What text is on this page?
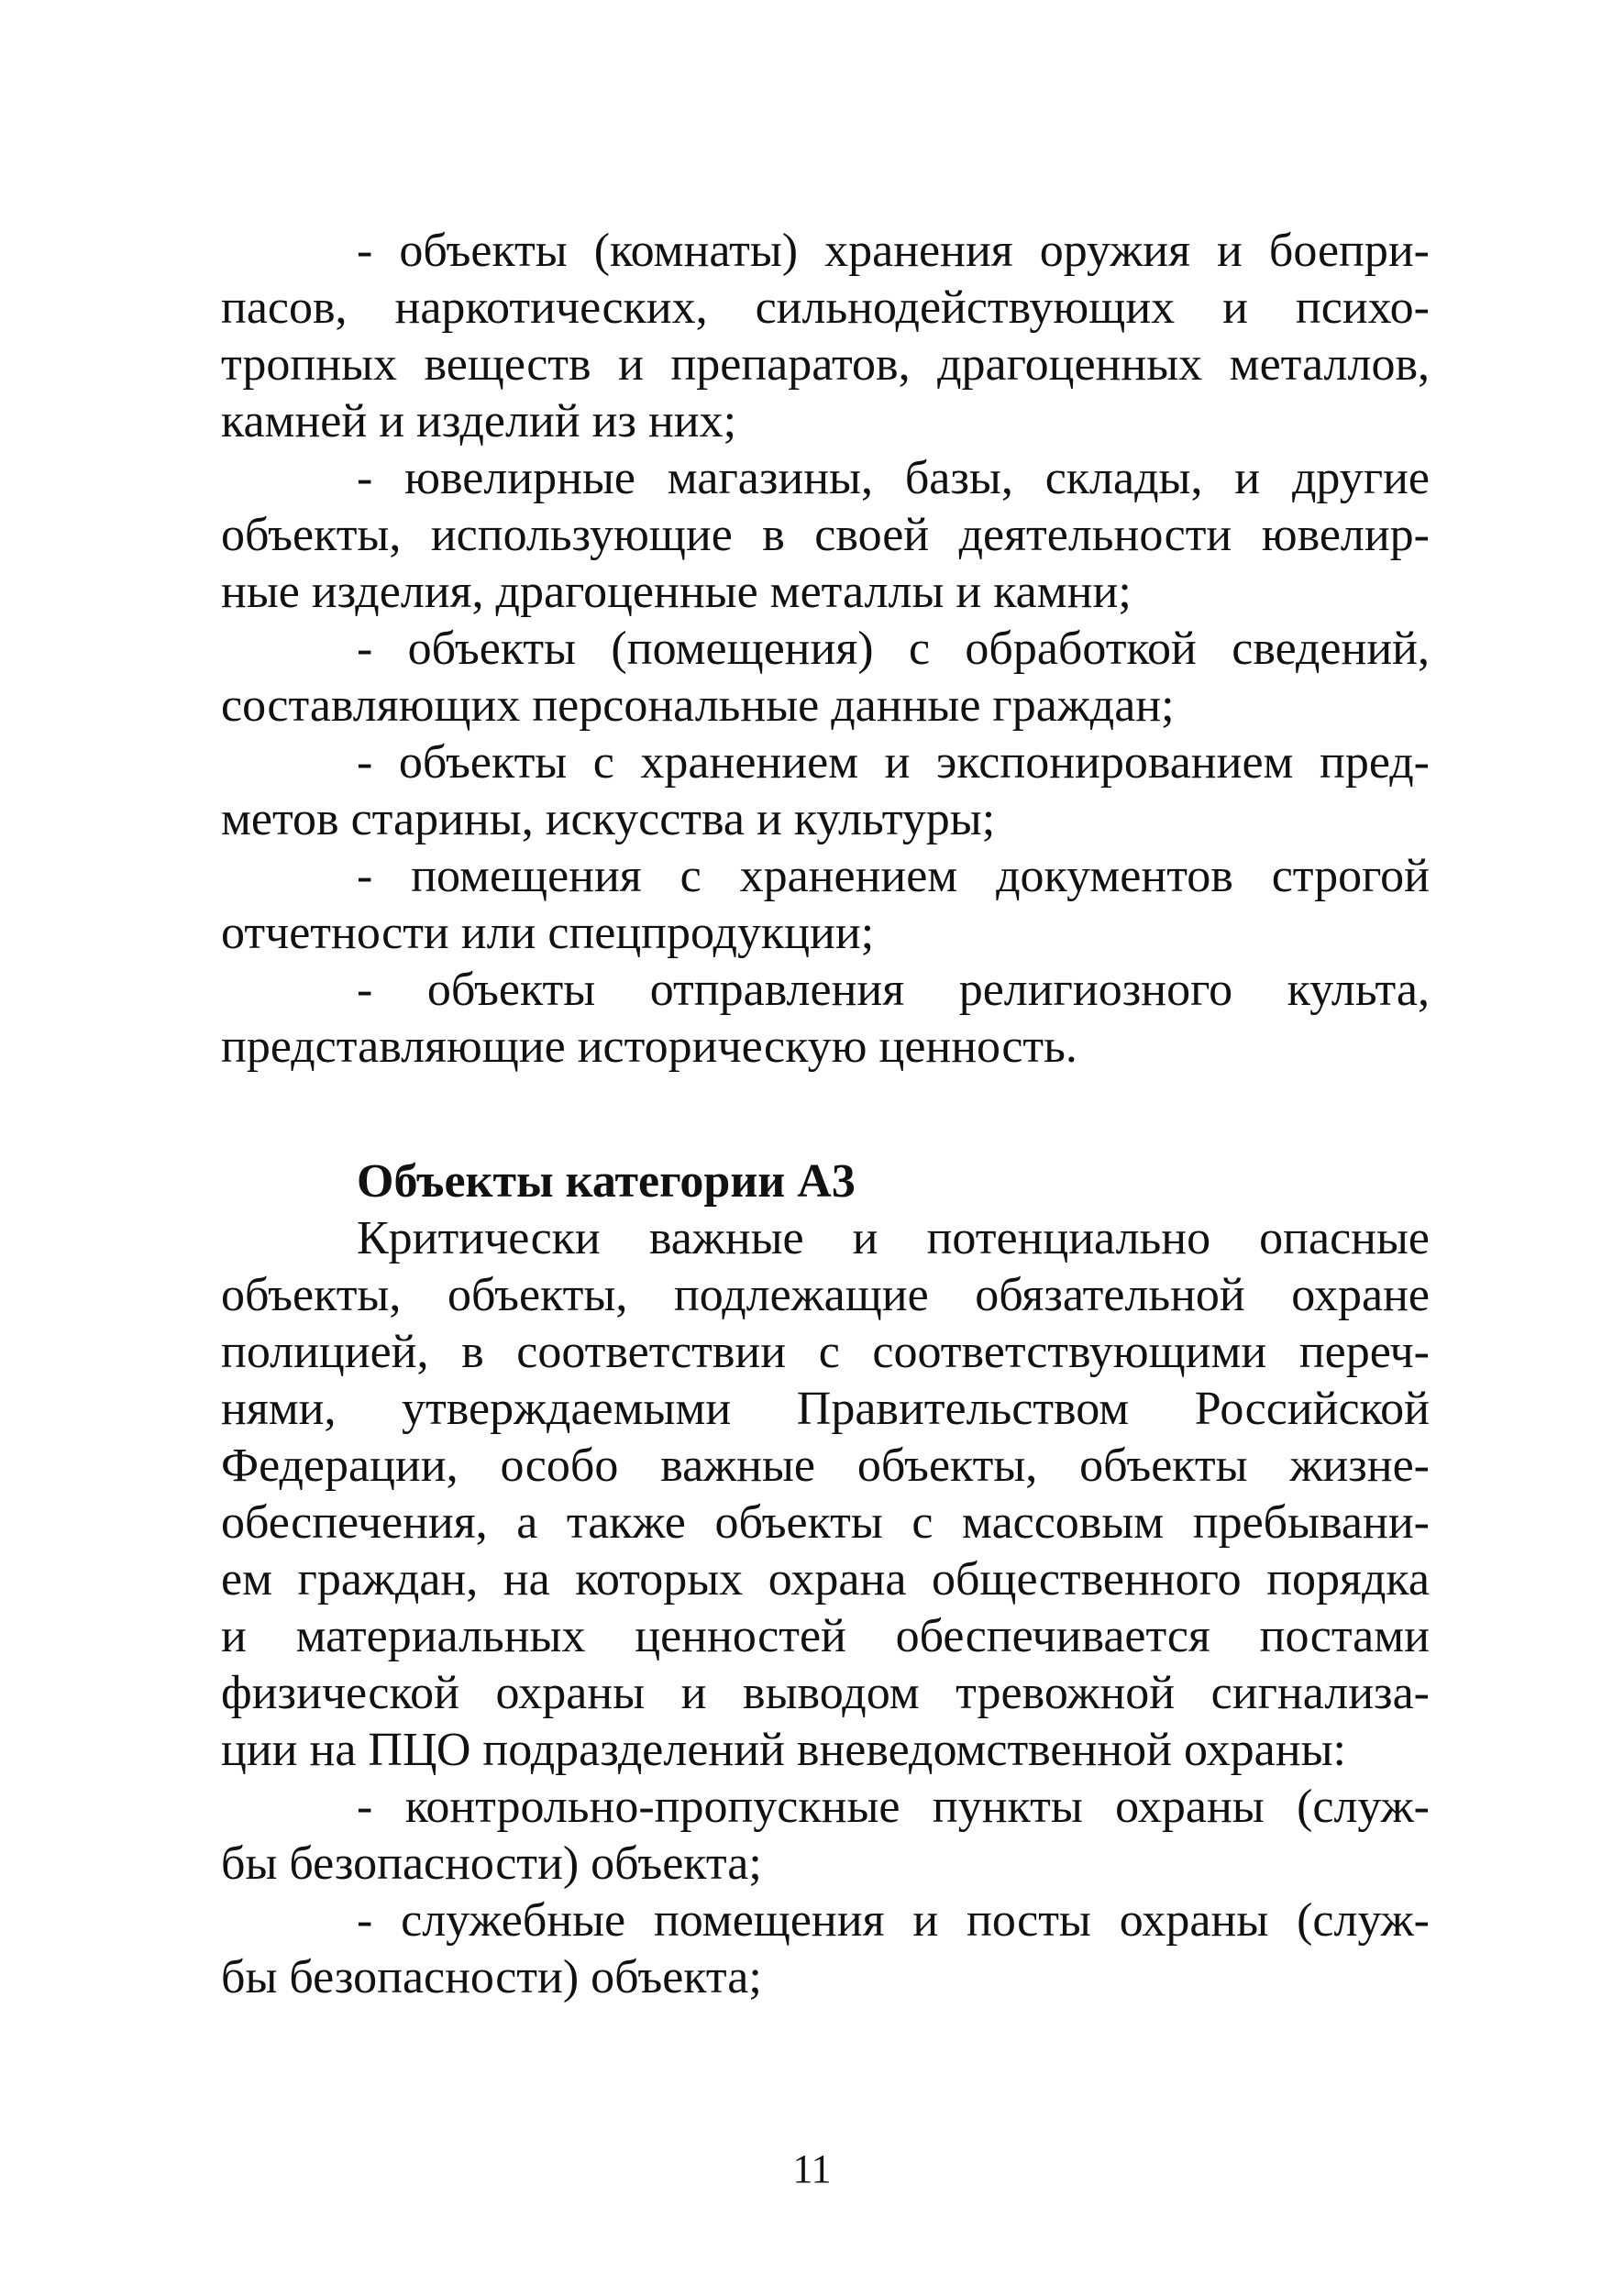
- объекты (комнаты) хранения оружия и боепри-
пасов, наркотических, сильнодействующих и психо-
тропных веществ и препаратов, драгоценных металлов,
камней и изделий из них;

- ювелирные магазины, базы, склады, и другие
объекты, использующие в своей деятельности ювелир-
ные изделия, драгоценные металлы и камни;

- объекты (помещения) с обработкой сведений,
составляющих персональные данные граждан;

- объекты с хранением и экспонированием пред-
метов старины, искусства и культуры;

- помещения с хранением документов строгой
отчетности или спецпродукции;

- объекты отправления религиозного культа,
представляющие историческую ценность.

Объекты категории А3

Критически важные и потенциально опасные
объекты, объекты, подлежащие обязательной охране
полицией, в соответствии с соответствующими переч-
нями, утверждаемыми Правительством Российской
Федерации, особо важные объекты, объекты жизне-
обеспечения, а также объекты с массовым пребывани-
ем граждан, на которых охрана общественного порядка
и материальных ценностей обеспечивается постами
физической охраны и выводом тревожной сигнализа-
ции на ПЦО подразделений вневедомственной охраны:

- контрольно-пропускные пункты охраны (служ-
бы безопасности) объекта;

- служебные помещения и посты охраны (служ-
бы безопасности) объекта;

11
